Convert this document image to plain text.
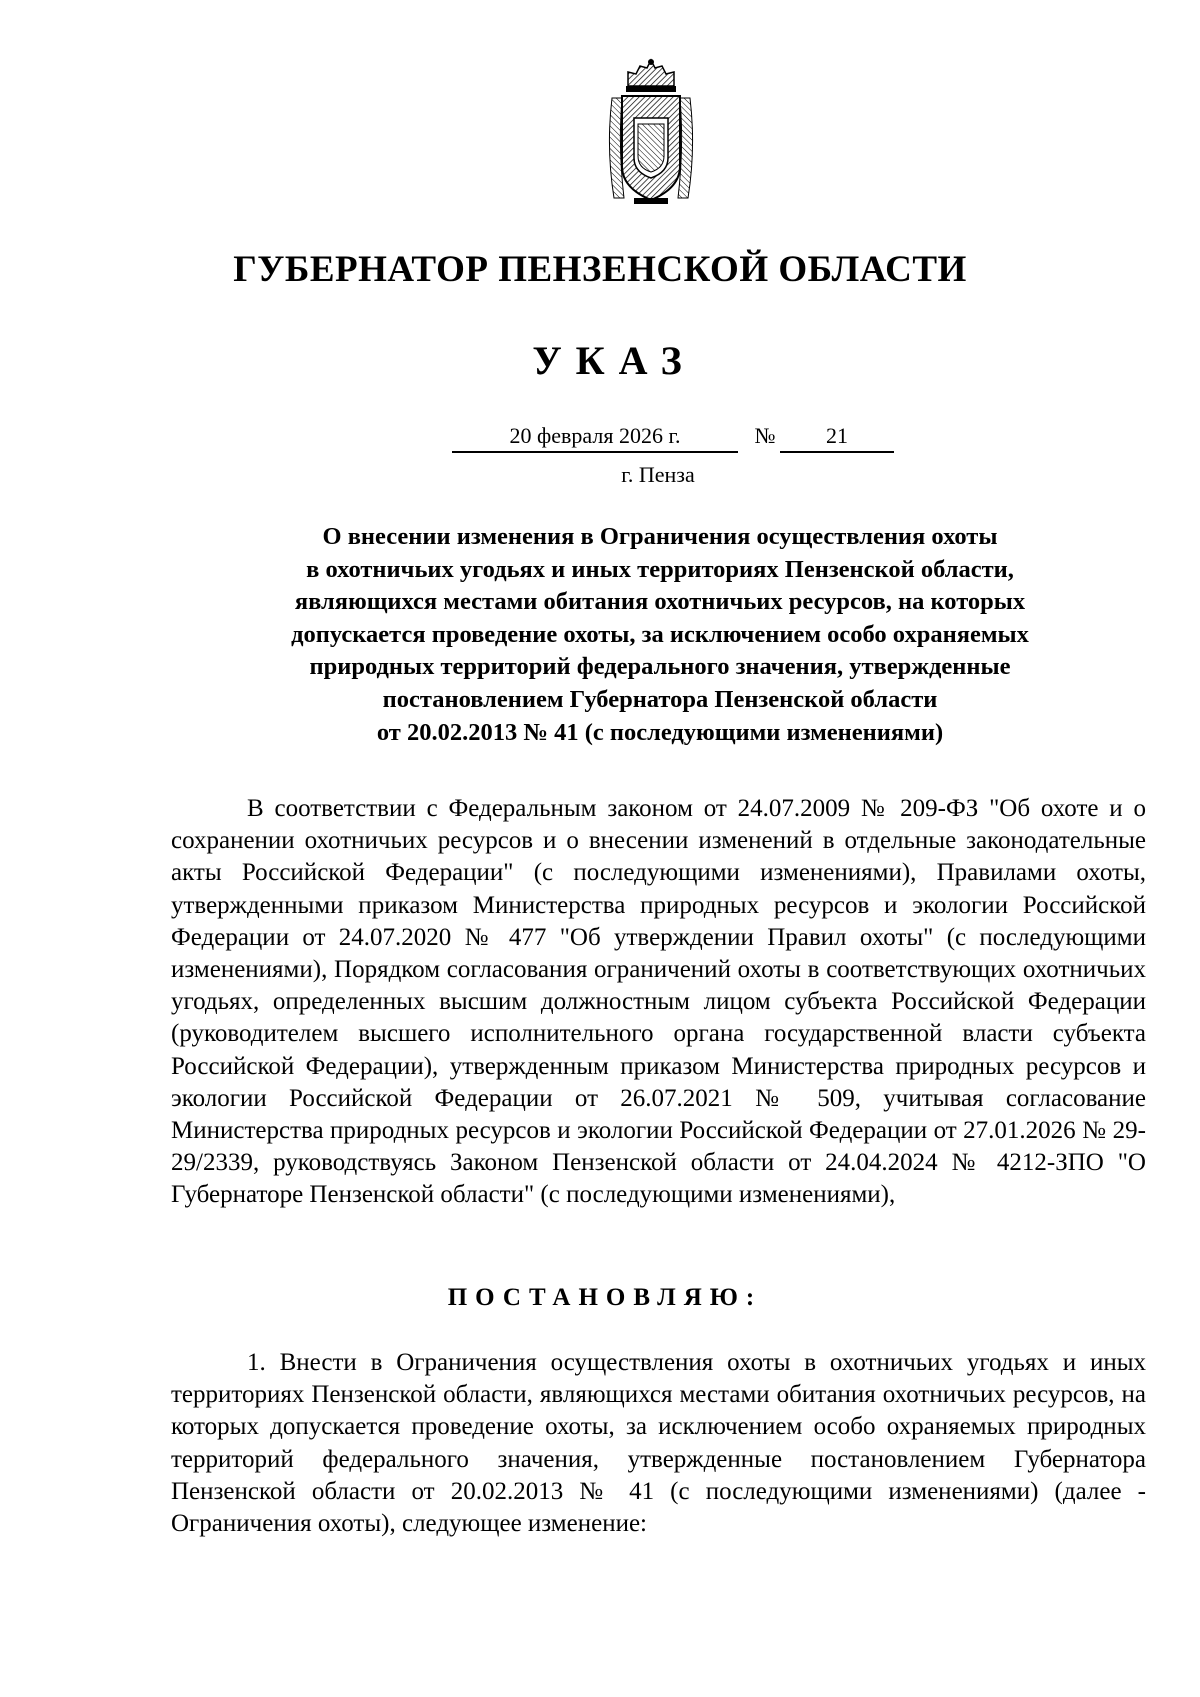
ГУБЕРНАТОР ПЕНЗЕНСКОЙ ОБЛАСТИ
УКАЗ
20 февраля 2026 г.	№	21
г. Пенза
О внесении изменения в Ограничения осуществления охоты
в охотничьих угодьях и иных территориях Пензенской области,
являющихся местами обитания охотничьих ресурсов, на которых
допускается проведение охоты, за исключением особо охраняемых
природных территорий федерального значения, утвержденные
постановлением Губернатора Пензенской области
от 20.02.2013 № 41 (с последующими изменениями)
В соответствии с Федеральным законом от 24.07.2009 № 209-ФЗ "Об охоте и о сохранении охотничьих ресурсов и о внесении изменений в отдельные законодательные акты Российской Федерации" (с последующими изменениями), Правилами охоты, утвержденными приказом Министерства природных ресурсов и экологии Российской Федерации от 24.07.2020 № 477 "Об утверждении Правил охоты" (с последующими изменениями), Порядком согласования ограничений охоты в соответствующих охотничьих угодьях, определенных высшим должностным лицом субъекта Российской Федерации (руководителем высшего исполнительного органа государственной власти субъекта Российской Федерации), утвержденным приказом Министерства природных ресурсов и экологии Российской Федерации от 26.07.2021 № 509, учитывая согласование Министерства природных ресурсов и экологии Российской Федерации от 27.01.2026 № 29-29/2339, руководствуясь Законом Пензенской области от 24.04.2024 № 4212-ЗПО "О Губернаторе Пензенской области" (с последующими изменениями),
ПОСТАНОВЛЯЮ:
1. Внести в Ограничения осуществления охоты в охотничьих угодьях и иных территориях Пензенской области, являющихся местами обитания охотничьих ресурсов, на которых допускается проведение охоты, за исключением особо охраняемых природных территорий федерального значения, утвержденные постановлением Губернатора Пензенской области от 20.02.2013 № 41 (с последующими изменениями) (далее - Ограничения охоты), следующее изменение:
